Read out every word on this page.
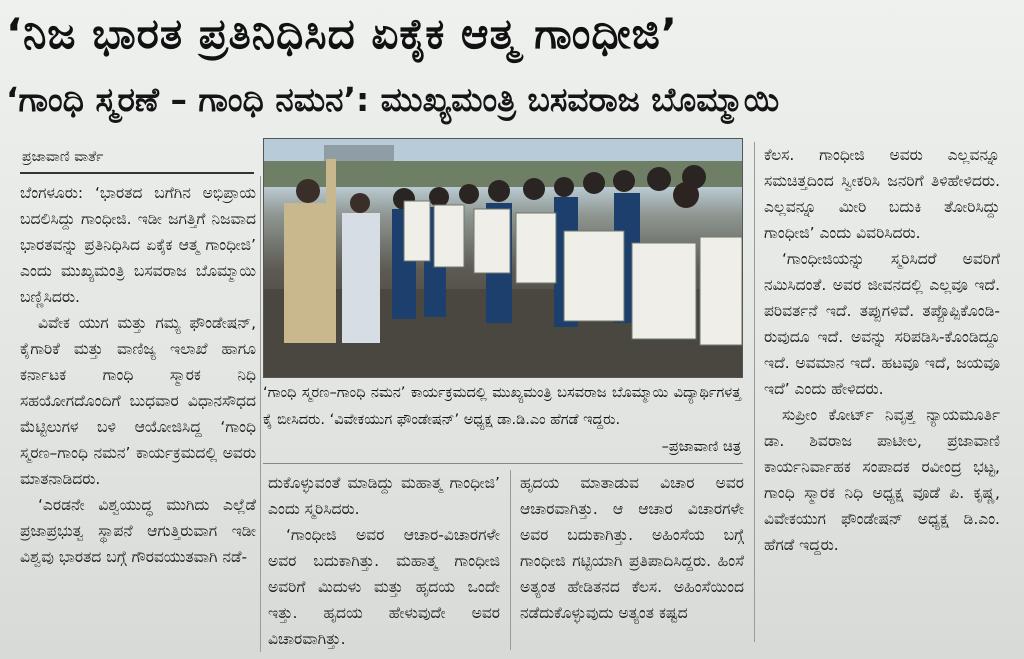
‘ನಿಜ ಭಾರತ ಪ್ರತಿನಿಧಿಸಿದ ಏಕೈಕ ಆತ್ಮ ಗಾಂಧೀಜಿ’
‘ಗಾಂಧಿ ಸ್ಮರಣೆ – ಗಾಂಧಿ ನಮನ’: ಮುಖ್ಯಮಂತ್ರಿ ಬಸವರಾಜ ಬೊಮ್ಮಾಯಿ
ಪ್ರಜಾವಾಣಿ ವಾರ್ತೆ

ಬೆಂಗಳೂರು: ‘ಭಾರತದ ಬಗೆಗಿನ ಅಭಿಪ್ರಾಯ ಬದಲಿಸಿದ್ದು ಗಾಂಧೀಜಿ. ಇಡೀ ಜಗತ್ತಿಗೆ ನಿಜವಾದ ಭಾರತವನ್ನು ಪ್ರತಿನಿಧಿಸಿದ ಏಕೈಕ ಆತ್ಮ ಗಾಂಧೀಜಿ’ ಎಂದು ಮುಖ್ಯಮಂತ್ರಿ ಬಸವರಾಜ ಬೊಮ್ಮಾಯಿ ಬಣ್ಣಿಸಿದರು.

ವಿವೇಕ ಯುಗ ಮತ್ತು ಗಮ್ಯ ಫೌಂಡೇಷನ್, ಕೈಗಾರಿಕೆ ಮತ್ತು ವಾಣಿಜ್ಯ ಇಲಾಖೆ ಹಾಗೂ ಕರ್ನಾಟಕ ಗಾಂಧಿ ಸ್ಮಾರಕ ನಿಧಿ ಸಹಯೋಗದೊಂದಿಗೆ ಬುಧವಾರ ವಿಧಾನಸೌಧದ ಮೆಟ್ಟಿಲುಗಳ ಬಳಿ ಆಯೋಜಿಸಿದ್ದ ‘ಗಾಂಧಿ ಸ್ಮರಣ–ಗಾಂಧಿ ನಮನ’ ಕಾರ್ಯಕ್ರಮದಲ್ಲಿ ಅವರು ಮಾತನಾಡಿದರು.

‘ಎರಡನೇ ವಿಶ್ವಯುದ್ಧ ಮುಗಿದು ಎಲ್ಲೆಡೆ ಪ್ರಜಾಪ್ರಭುತ್ವ ಸ್ಥಾಪನೆ ಆಗುತ್ತಿರುವಾಗ ಇಡೀ ವಿಶ್ವವು ಭಾರತದ ಬಗ್ಗೆ ಗೌರವಯುತವಾಗಿ ನಡೆ-

‘ಗಾಂಧಿ ಸ್ಮರಣ–ಗಾಂಧಿ ನಮನ’ ಕಾರ್ಯಕ್ರಮದಲ್ಲಿ ಮುಖ್ಯಮಂತ್ರಿ ಬಸವರಾಜ ಬೊಮ್ಮಾಯಿ ವಿದ್ಯಾರ್ಥಿಗಳತ್ತ ಕೈ ಬೀಸಿದರು. ‘ವಿವೇಕಯುಗ ಫೌಂಡೇಷನ್’ ಅಧ್ಯಕ್ಷ ಡಾ.ಡಿ.ಎಂ ಹೆಗಡೆ ಇದ್ದರು.
–ಪ್ರಜಾವಾಣಿ ಚಿತ್ರ

ದುಕೊಳ್ಳುವಂತೆ ಮಾಡಿದ್ದು ಮಹಾತ್ಮ ಗಾಂಧೀಜಿ’ ಎಂದು ಸ್ಮರಿಸಿದರು.

‘ಗಾಂಧೀಜಿ ಅವರ ಆಚಾರ-ವಿಚಾರಗಳೇ ಅವರ ಬದುಕಾಗಿತ್ತು. ಮಹಾತ್ಮ ಗಾಂಧೀಜಿ ಅವರಿಗೆ ಮಿದುಳು ಮತ್ತು ಹೃದಯ ಒಂದೇ ಇತ್ತು. ಹೃದಯ ಹೇಳುವುದೇ ಅವರ ವಿಚಾರವಾಗಿತ್ತು.

ಹೃದಯ ಮಾತಾಡುವ ವಿಚಾರ ಅವರ ಆಚಾರವಾಗಿತ್ತು. ಆ ಆಚಾರ ವಿಚಾರಗಳೇ ಅವರ ಬದುಕಾಗಿತ್ತು. ಅಹಿಂಸೆಯ ಬಗ್ಗೆ ಗಾಂಧೀಜಿ ಗಟ್ಟಿಯಾಗಿ ಪ್ರತಿಪಾದಿಸಿದ್ದರು. ಹಿಂಸೆ ಅತ್ಯಂತ ಹೇಡಿತನದ ಕೆಲಸ. ಅಹಿಂಸೆಯಿಂದ ನಡೆದುಕೊಳ್ಳುವುದು ಅತ್ಯಂತ ಕಷ್ಟದ

ಕೆಲಸ. ಗಾಂಧೀಜಿ ಅವರು ಎಲ್ಲವನ್ನೂ ಸಮಚಿತ್ತದಿಂದ ಸ್ವೀಕರಿಸಿ ಜನರಿಗೆ ತಿಳಿಹೇಳಿದರು. ಎಲ್ಲವನ್ನೂ ಮೀರಿ ಬದುಕಿ ತೋರಿಸಿದ್ದು ಗಾಂಧೀಜಿ’ ಎಂದು ವಿವರಿಸಿದರು.

‘ಗಾಂಧೀಜಿಯನ್ನು ಸ್ಮರಿಸಿದರೆ ಅವರಿಗೆ ನಮಿಸಿದಂತೆ. ಅವರ ಜೀವನದಲ್ಲಿ ಎಲ್ಲವೂ ಇದೆ. ಪರಿವರ್ತನೆ ಇದೆ. ತಪ್ಪುಗಳಿವೆ. ತಪ್ಪೊಪ್ಪಿಕೊಂಡಿ-ರುವುದೂ ಇದೆ. ಅವನ್ನು ಸರಿಪಡಿಸಿ-ಕೊಂಡಿದ್ದೂ ಇದೆ. ಅವಮಾನ ಇದೆ. ಹಟವೂ ಇದೆ, ಜಯವೂ ಇದೆ’ ಎಂದು ಹೇಳಿದರು.

ಸುಪ್ರೀಂ ಕೋರ್ಟ್ ನಿವೃತ್ತ ನ್ಯಾಯಮೂರ್ತಿ ಡಾ. ಶಿವರಾಜ ಪಾಟೀಲ, ಪ್ರಜಾವಾಣಿ ಕಾರ್ಯನಿರ್ವಾಹಕ ಸಂಪಾದಕ ರವೀಂದ್ರ ಭಟ್ಟ, ಗಾಂಧಿ ಸ್ಮಾರಕ ನಿಧಿ ಅಧ್ಯಕ್ಷ ವೂಡೆ ಪಿ. ಕೃಷ್ಣ, ವಿವೇಕಯುಗ ಫೌಂಡೇಷನ್ ಅಧ್ಯಕ್ಷ ಡಿ.ಎಂ. ಹೆಗಡೆ ಇದ್ದರು.
